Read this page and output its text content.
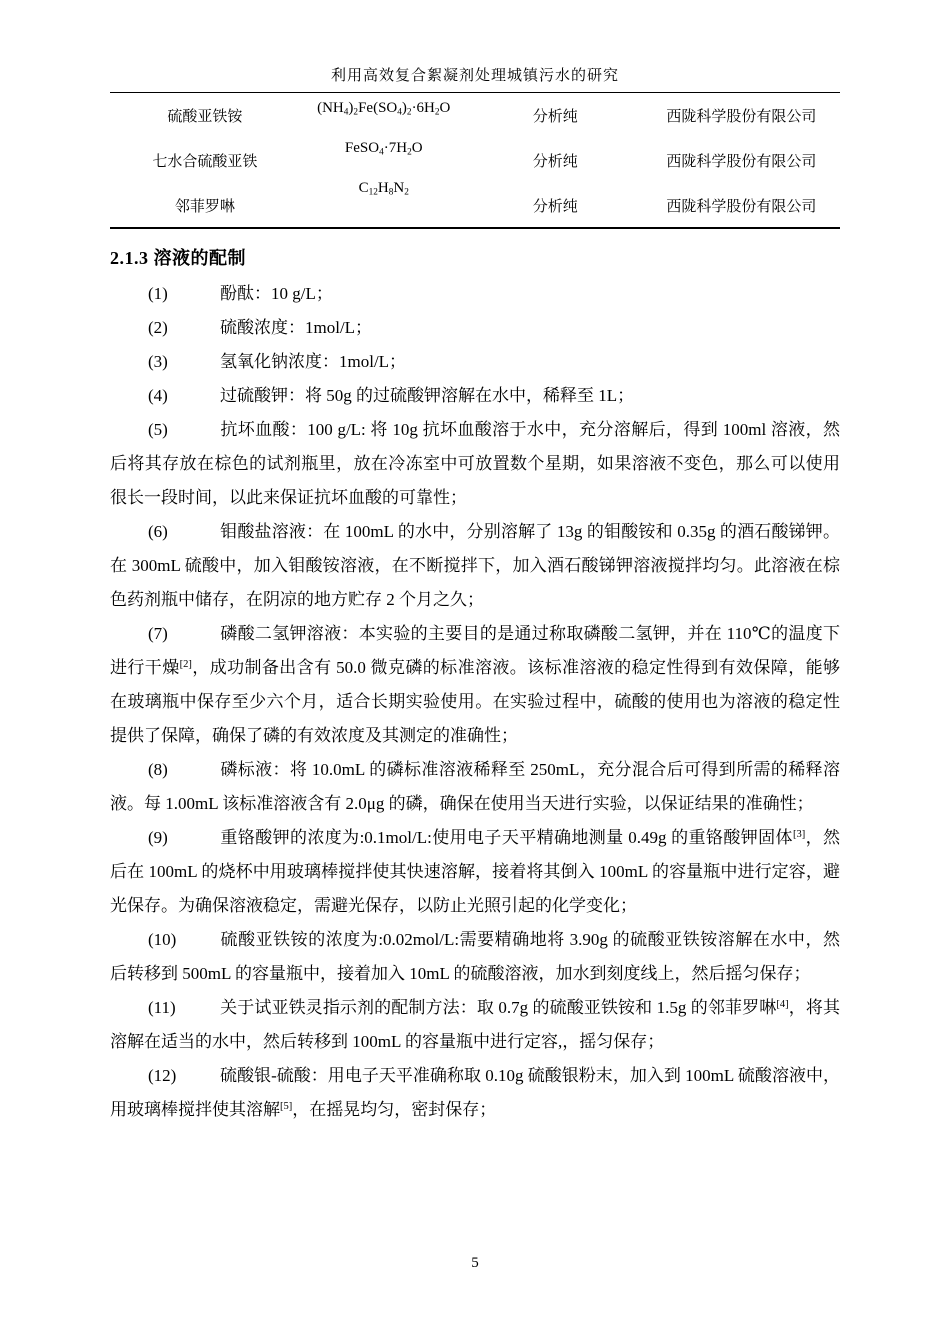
利用高效复合絮凝剂处理城镇污水的研究
硫酸亚铁铵	$(NH_4)_2Fe(SO_4)_2\cdot 6H_2O$	分析纯	西陇科学股份有限公司
七水合硫酸亚铁	$FeSO_4\cdot 7H_2O$	分析纯	西陇科学股份有限公司
邻菲罗啉	$C_{12}H_8N_2$	分析纯	西陇科学股份有限公司
2.1.3 溶液的配制

(1)	酚酞：10 g/L；

(2)	硫酸浓度：1mol/L；

(3)	氢氧化钠浓度：1mol/L；

(4)	过硫酸钾：将 50g 的过硫酸钾溶解在水中，稀释至 1L；

(5)	抗坏血酸：100 g/L: 将 10g 抗坏血酸溶于水中，充分溶解后，得到 100ml 溶液，然后将其存放在棕色的试剂瓶里，放在冷冻室中可放置数个星期，如果溶液不变色，那么可以使用很长一段时间，以此来保证抗坏血酸的可靠性；

(6)	钼酸盐溶液：在 100mL 的水中，分别溶解了 13g 的钼酸铵和 0.35g 的酒石酸锑钾。在 300mL 硫酸中，加入钼酸铵溶液，在不断搅拌下，加入酒石酸锑钾溶液搅拌均匀。此溶液在棕色药剂瓶中储存，在阴凉的地方贮存 2 个月之久；

(7)	磷酸二氢钾溶液：本实验的主要目的是通过称取磷酸二氢钾，并在 110℃的温度下进行干燥[2]，成功制备出含有 50.0 微克磷的标准溶液。该标准溶液的稳定性得到有效保障，能够在玻璃瓶中保存至少六个月，适合长期实验使用。在实验过程中，硫酸的使用也为溶液的稳定性提供了保障，确保了磷的有效浓度及其测定的准确性；

(8)	磷标液：将 10.0mL 的磷标准溶液稀释至 250mL，充分混合后可得到所需的稀释溶液。每 1.00mL 该标准溶液含有 2.0μg 的磷，确保在使用当天进行实验，以保证结果的准确性；

(9)	重铬酸钾的浓度为:0.1mol/L:使用电子天平精确地测量 0.49g 的重铬酸钾固体[3]，然后在 100mL 的烧杯中用玻璃棒搅拌使其快速溶解，接着将其倒入 100mL 的容量瓶中进行定容，避光保存。为确保溶液稳定，需避光保存，以防止光照引起的化学变化；

(10)	硫酸亚铁铵的浓度为:0.02mol/L:需要精确地将 3.90g 的硫酸亚铁铵溶解在水中，然后转移到 500mL 的容量瓶中，接着加入 10mL 的硫酸溶液，加水到刻度线上，然后摇匀保存；

(11)	关于试亚铁灵指示剂的配制方法：取 0.7g 的硫酸亚铁铵和 1.5g 的邻菲罗啉[4]，将其溶解在适当的水中，然后转移到 100mL 的容量瓶中进行定容,，摇匀保存；

(12)	硫酸银-硫酸：用电子天平准确称取 0.10g 硫酸银粉末，加入到 100mL 硫酸溶液中，用玻璃棒搅拌使其溶解[5]，在摇晃均匀，密封保存；

5
